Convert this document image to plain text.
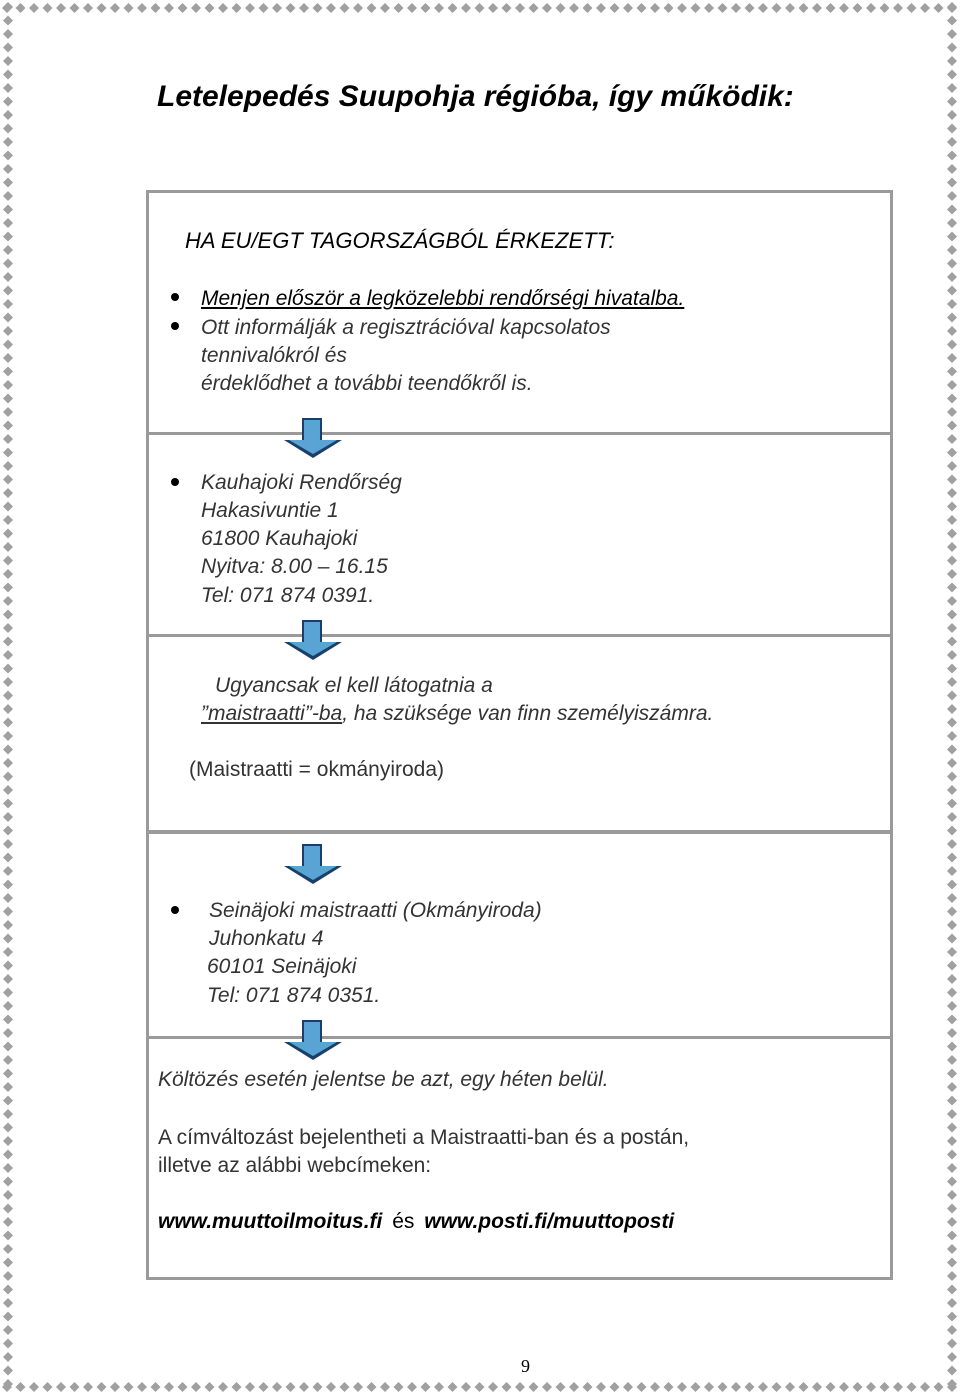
Letelepedés Suupohja régióba, így működik:
HA EU/EGT TAGORSZÁGBÓL ÉRKEZETT:
Menjen először a legközelebbi rendőrségi hivatalba.
Ott informálják a regisztrációval kapcsolatos
tennivalókról és
érdeklődhet a további teendőkről is.
Kauhajoki Rendőrség
Hakasivuntie 1
61800 Kauhajoki
Nyitva: 8.00 – 16.15
Tel: 071 874 0391.
Ugyancsak el kell látogatnia a
”maistraatti”-ba, ha szüksége van finn személyiszámra.
(Maistraatti = okmányiroda)
Seinäjoki maistraatti (Okmányiroda)
Juhonkatu 4
60101 Seinäjoki
Tel: 071 874 0351.
Költözés esetén jelentse be azt, egy héten belül.
A címváltozást bejelentheti a Maistraatti-ban és a postán,
illetve az alábbi webcímeken:
www.muuttoilmoitus.fi és www.posti.fi/muuttoposti
9
